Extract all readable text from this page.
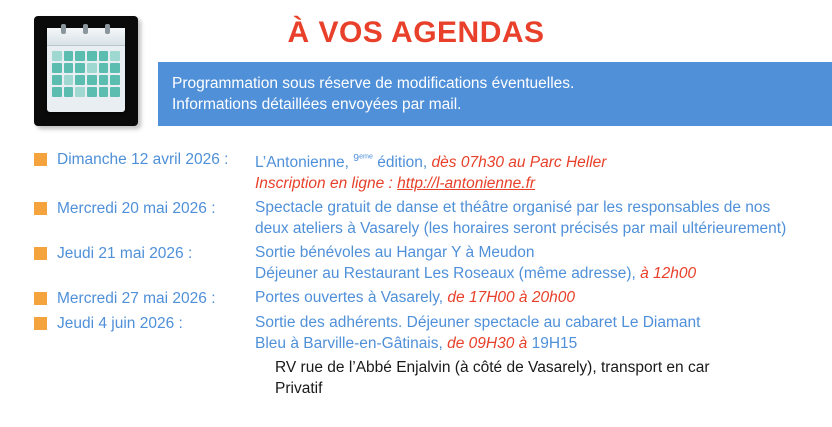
À VOS AGENDAS
Programmation sous réserve de modifications éventuelles.
Informations détaillées envoyées par mail.
Dimanche 12 avril 2026 :	L’Antonienne, $^{9ᵉᵐᵉ}$ édition, dès 07h30 au Parc Heller
Inscription en ligne : http://l-antonienne.fr
Mercredi 20 mai 2026 :	Spectacle gratuit de danse et théâtre organisé par les responsables de nos deux ateliers à Vasarely (les horaires seront précisés par mail ultérieurement)
Jeudi 21 mai 2026 :	Sortie bénévoles au Hangar Y à Meudon
Déjeuner au Restaurant Les Roseaux (même adresse), à 12h00
Mercredi 27 mai 2026 :	Portes ouvertes à Vasarely, de 17H00 à 20h00
Jeudi 4 juin 2026 :	Sortie des adhérents. Déjeuner spectacle au cabaret Le Diamant
Bleu à Barville-en-Gâtinais, de 09H30 à 19H15
RV rue de l’Abbé Enjalvin (à côté de Vasarely), transport en car
Privatif
